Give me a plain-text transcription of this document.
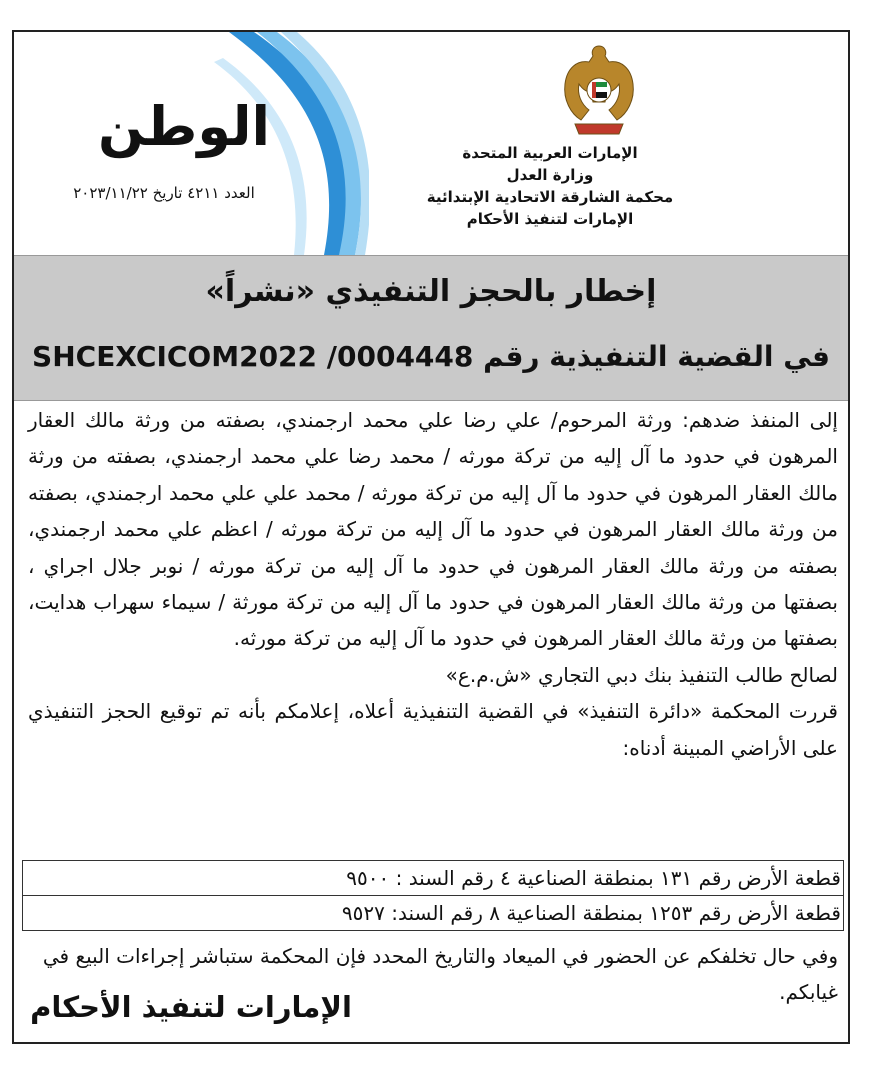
الإمارات العربية المتحدة
وزارة العدل
محكمة الشارقة الاتحادية الإبتدائية
الإمارات لتنفيذ الأحكام
الوطن
العدد ٤٢١١ تاريخ ٢٠٢٣/١١/٢٢
إخطار بالحجز التنفيذي «نشراً»
في القضية التنفيذية رقم SHCEXCICOM2022 /0004448
إلى المنفذ ضدهم: ورثة المرحوم/ علي رضا علي محمد ارجمندي، بصفته من ورثة مالك العقار المرهون في حدود ما آل إليه من تركة مورثه / محمد رضا علي محمد ارجمندي، بصفته من ورثة مالك العقار المرهون في حدود ما آل إليه من تركة مورثه / محمد علي علي محمد ارجمندي، بصفته من ورثة مالك العقار المرهون في حدود ما آل إليه من تركة مورثه / اعظم علي محمد ارجمندي، بصفته من ورثة مالك العقار المرهون في حدود ما آل إليه من تركة مورثه / نوبر جلال اجراي ، بصفتها من ورثة مالك العقار المرهون في حدود ما آل إليه من تركة مورثة / سيماء سهراب هدايت، بصفتها من ورثة مالك العقار المرهون في حدود ما آل إليه من تركة مورثه.
لصالح طالب التنفيذ بنك دبي التجاري «ش.م.ع»
قررت المحكمة «دائرة التنفيذ» في القضية التنفيذية أعلاه، إعلامكم بأنه تم توقيع الحجز التنفيذي على الأراضي المبينة أدناه:
قطعة الأرض رقم ١٣١ بمنطقة الصناعية ٤ رقم السند : ٩٥٠٠
قطعة الأرض رقم ١٢٥٣ بمنطقة الصناعية ٨ رقم السند: ٩٥٢٧
وفي حال تخلفكم عن الحضور في الميعاد والتاريخ المحدد فإن المحكمة ستباشر إجراءات البيع في غيابكم.
الإمارات لتنفيذ الأحكام
